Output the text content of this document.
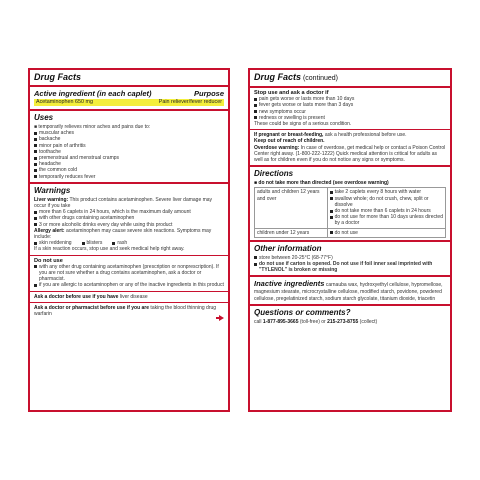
Drug Facts
Active ingredient (in each caplet)	Purpose
Acetaminophen 650 mg	Pain reliever/fever reducer
Uses
■ temporarily relieves minor aches and pains due to:
muscular aches
backache
minor pain of arthritis
toothache
premenstrual and menstrual cramps
headache
the common cold
temporarily reduces fever
Warnings
Liver warning: This product contains acetaminophen. Severe liver damage may occur if you take
more than 6 caplets in 24 hours, which is the maximum daily amount
with other drugs containing acetaminophen
3 or more alcoholic drinks every day while using this product
Allergy alert: acetaminophen may cause severe skin reactions. Symptoms may include:
skin reddening	blisters	rash
If a skin reaction occurs, stop use and seek medical help right away.
Do not use
with any other drug containing acetaminophen (prescription or nonprescription). If you are not sure whether a drug contains acetaminophen, ask a doctor or pharmacist.
if you are allergic to acetaminophen or any of the inactive ingredients in this product
Ask a doctor before use if you have liver disease
Ask a doctor or pharmacist before use if you are taking the blood thinning drug warfarin
Drug Facts (continued)
Stop use and ask a doctor if
pain gets worse or lasts more than 10 days
fever gets worse or lasts more than 3 days
new symptoms occur
redness or swelling is present
These could be signs of a serious condition.
If pregnant or breast-feeding, ask a health professional before use.
Keep out of reach of children.
Overdose warning: In case of overdose, get medical help or contact a Poison Control Center right away. (1-800-222-1222) Quick medical attention is critical for adults as well as for children even if you do not notice any signs or symptoms.
Directions
■ do not take more than directed (see overdose warning)
adults and children 12 years and over	take 2 caplets every 8 hours with water
swallow whole; do not crush, chew, split or dissolve
do not take more than 6 caplets in 24 hours
do not use for more than 10 days unless directed by a doctor

children under 12 years	do not use
Other information
store between 20-25°C (68-77°F)
do not use if carton is opened. Do not use if foil inner seal imprinted with "TYLENOL" is broken or missing
Inactive ingredients carnauba wax, hydroxyethyl cellulose, hypromellose, magnesium stearate, microcrystalline cellulose, modified starch, povidone, powdered cellulose, pregelatinized starch, sodium starch glycolate, titanium dioxide, triacetin
Questions or comments?
call 1-877-895-3665 (toll-free) or 215-273-8755 (collect)
